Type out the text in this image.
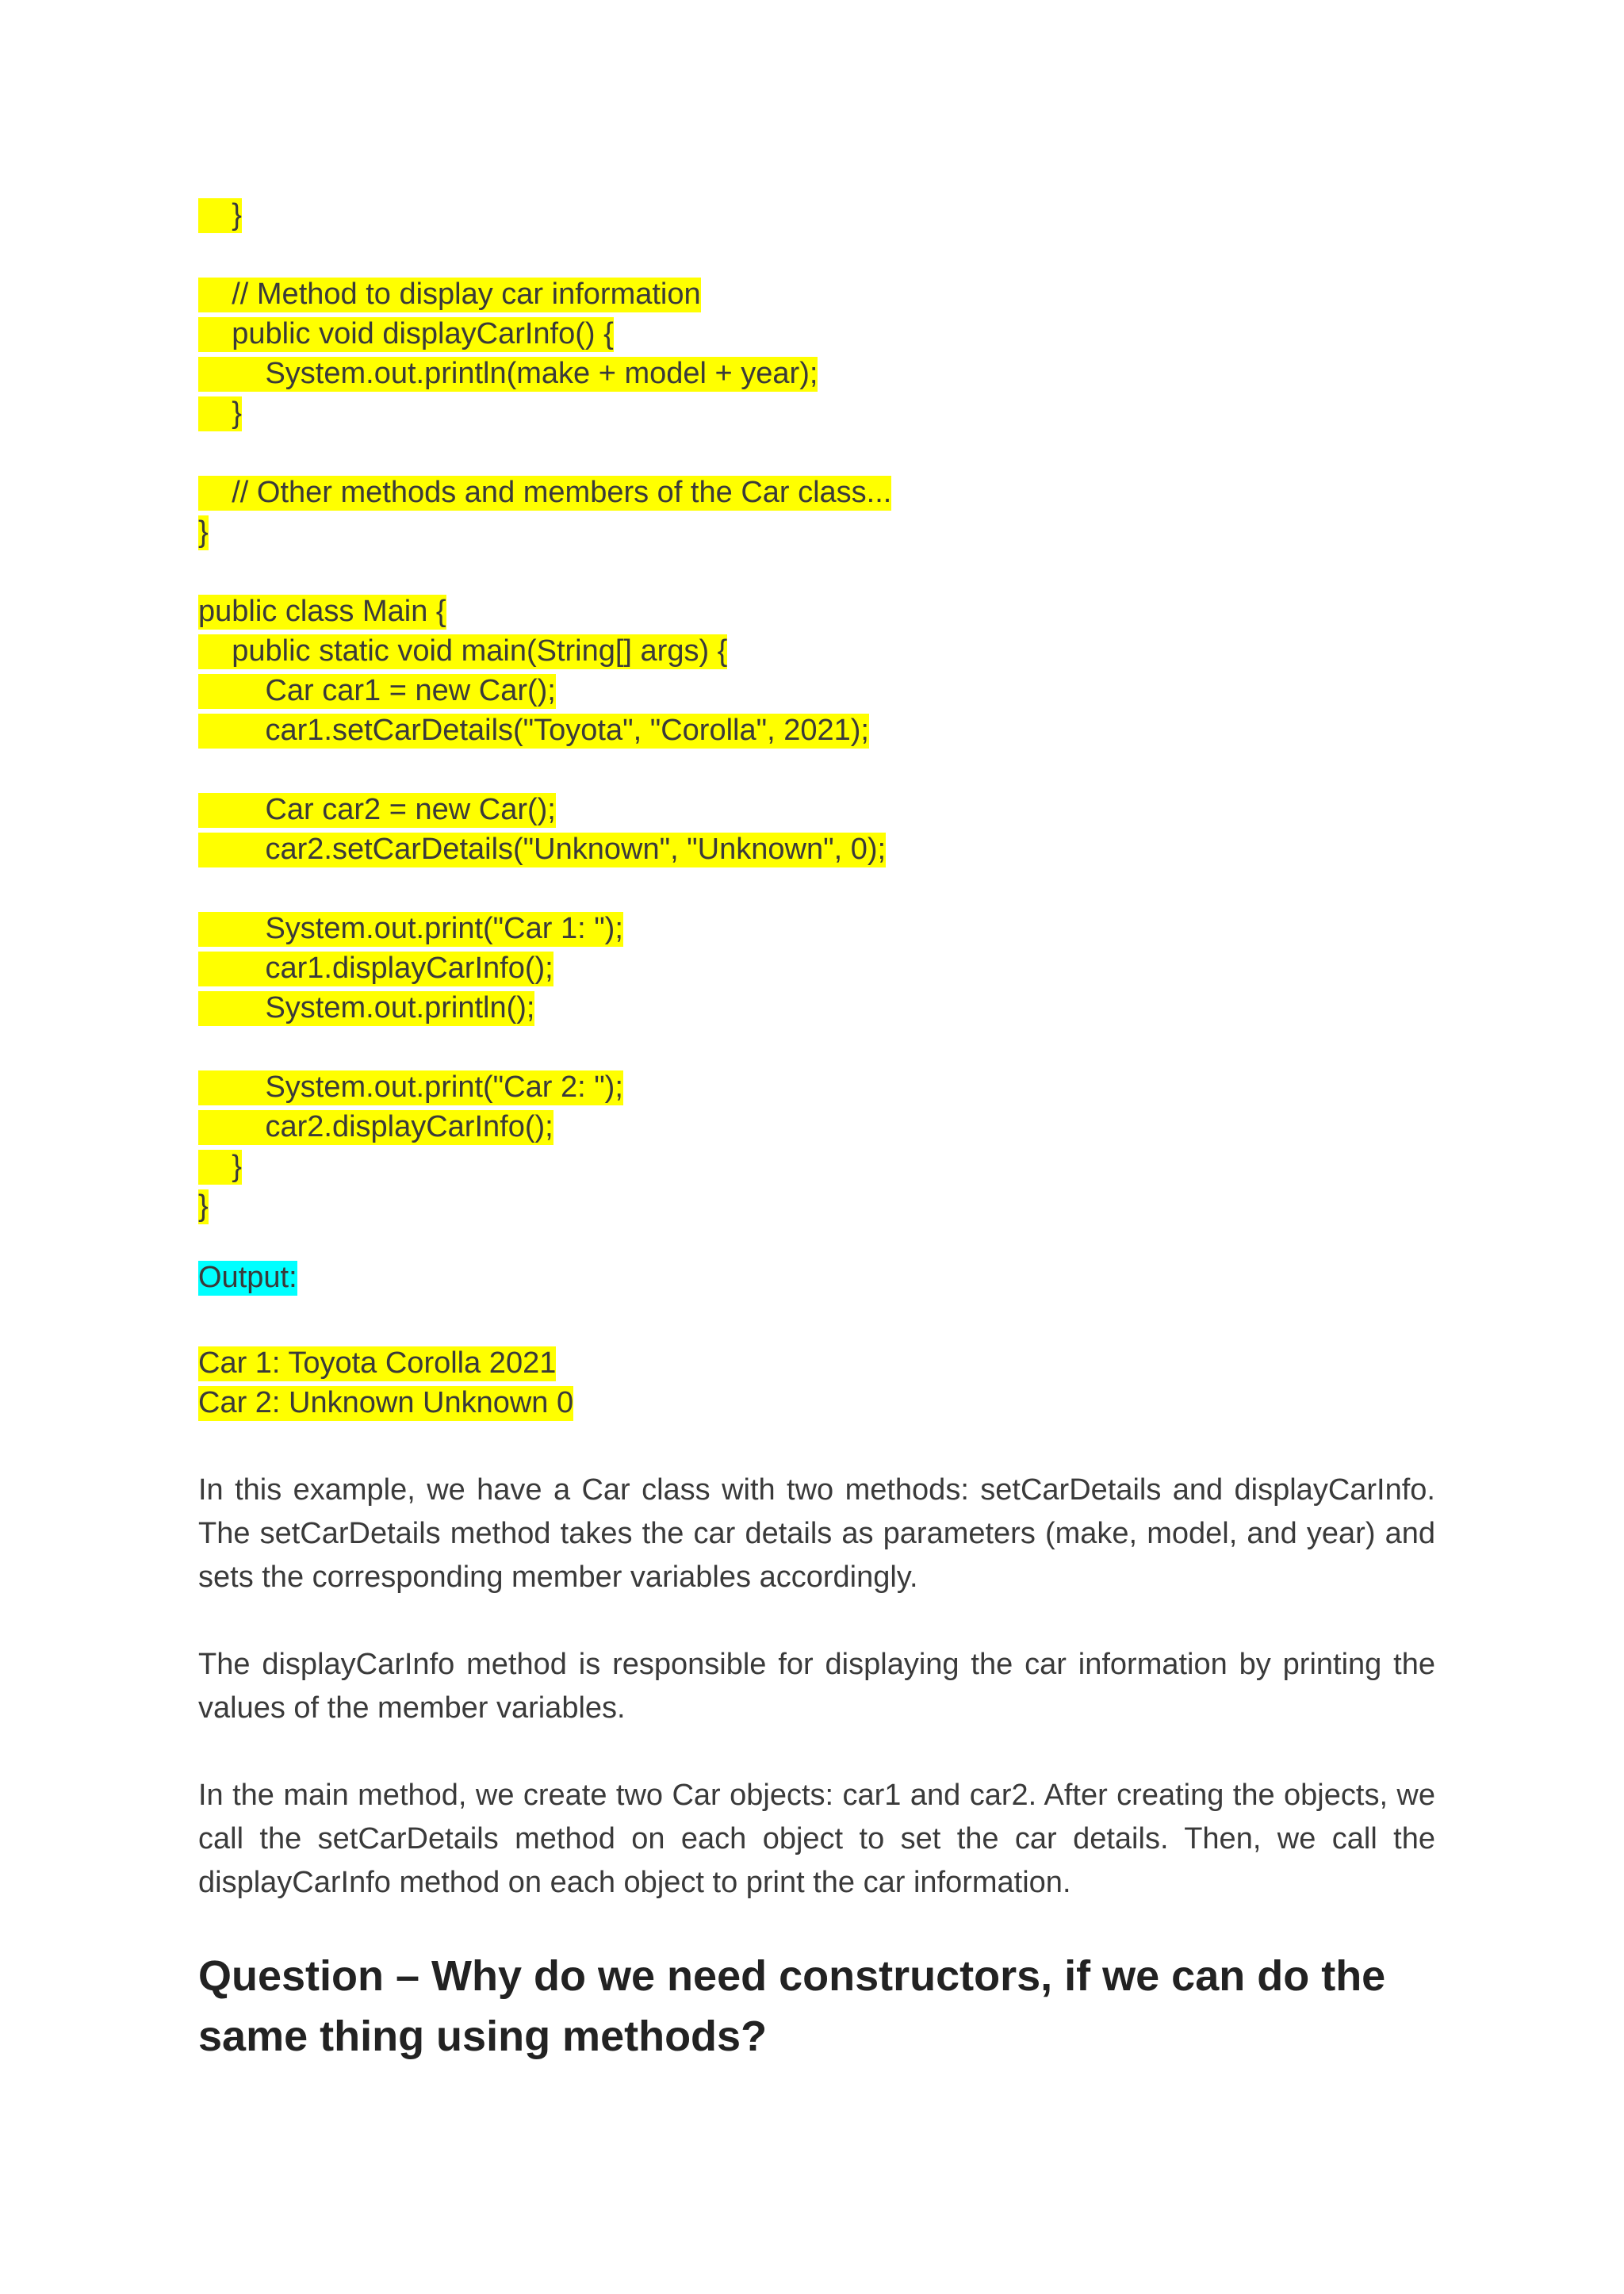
}
// Method to display car information
public void displayCarInfo() {
System.out.println(make + model + year);
}
// Other methods and members of the Car class...
}
public class Main {
public static void main(String[] args) {
Car car1 = new Car();
car1.setCarDetails("Toyota", "Corolla", 2021);
Car car2 = new Car();
car2.setCarDetails("Unknown", "Unknown", 0);
System.out.print("Car 1: ");
car1.displayCarInfo();
System.out.println();
System.out.print("Car 2: ");
car2.displayCarInfo();
}
}
Output:
Car 1: Toyota Corolla 2021
Car 2: Unknown Unknown 0

In this example, we have a Car class with two methods: setCarDetails and displayCarInfo. The setCarDetails method takes the car details as parameters (make, model, and year) and sets the corresponding member variables accordingly.

The displayCarInfo method is responsible for displaying the car information by printing the values of the member variables.

In the main method, we create two Car objects: car1 and car2. After creating the objects, we call the setCarDetails method on each object to set the car details. Then, we call the displayCarInfo method on each object to print the car information.

Question – Why do we need constructors, if we can do the same thing using methods?
